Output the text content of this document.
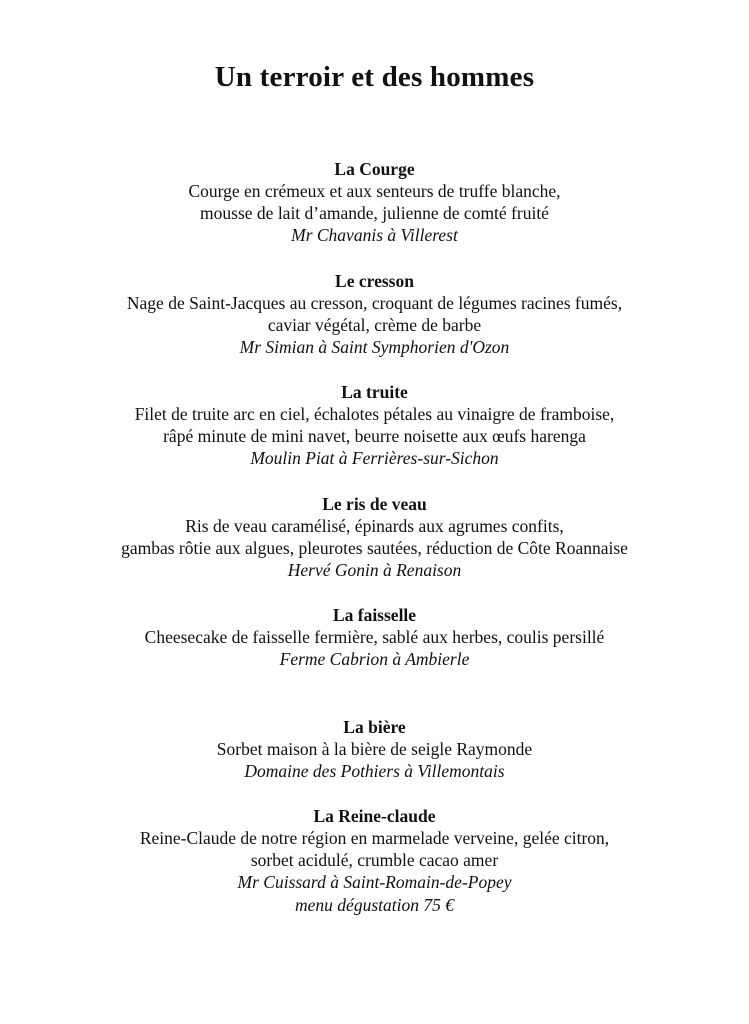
Un terroir et des hommes

La Courge

Courge en crémeux et aux senteurs de truffe blanche,

mousse de lait d’amande, julienne de comté fruité

Mr Chavanis à Villerest

Le cresson

Nage de Saint-Jacques au cresson, croquant de légumes racines fumés,

caviar végétal, crème de barbe

Mr Simian à Saint Symphorien d'Ozon

La truite

Filet de truite arc en ciel, échalotes pétales au vinaigre de framboise,

râpé minute de mini navet, beurre noisette aux œufs harenga

Moulin Piat à Ferrières-sur-Sichon

Le ris de veau

Ris de veau caramélisé, épinards aux agrumes confits,

gambas rôtie aux algues, pleurotes sautées, réduction de Côte Roannaise

Hervé Gonin à Renaison

La faisselle

Cheesecake de faisselle fermière, sablé aux herbes, coulis persillé

Ferme Cabrion à Ambierle

La bière

Sorbet maison à la bière de seigle Raymonde

Domaine des Pothiers à Villemontais

La Reine-claude

Reine-Claude de notre région en marmelade verveine, gelée citron,

sorbet acidulé, crumble cacao amer

Mr Cuissard à Saint-Romain-de-Popey

menu dégustation 75 €
